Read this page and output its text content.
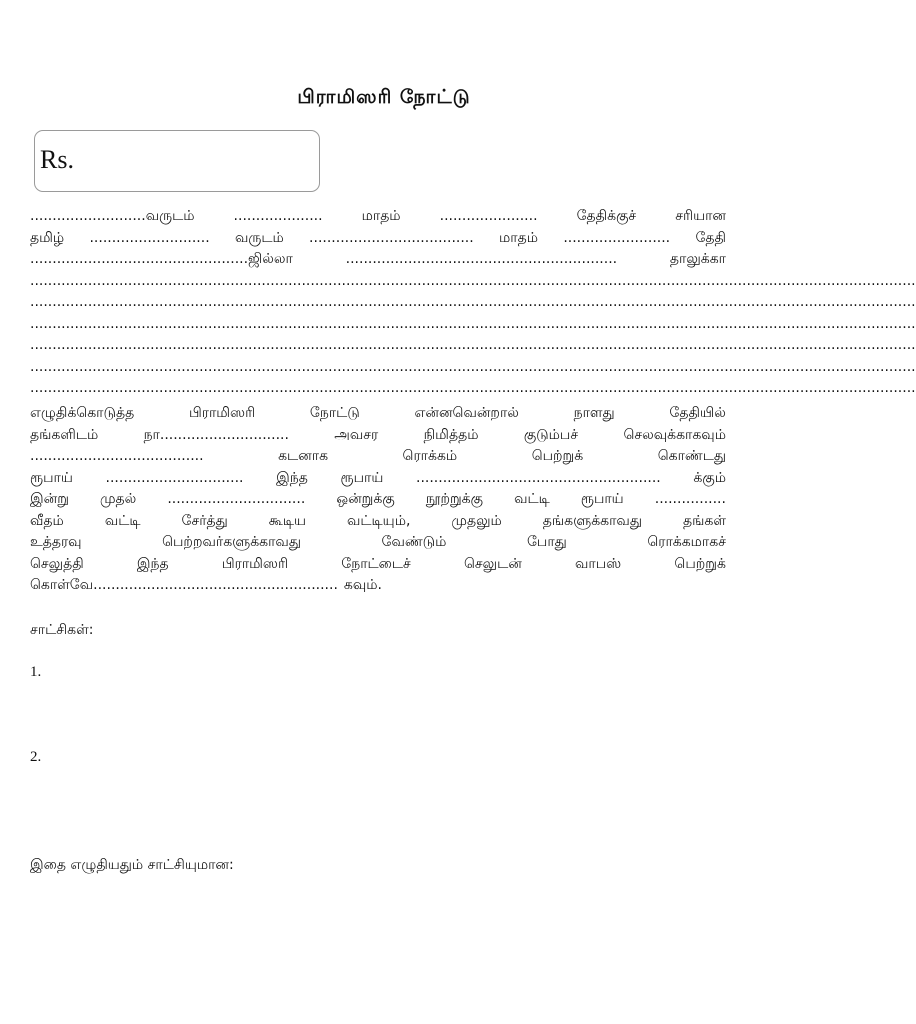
பிராமிஸரி நோட்டு
Rs.
..........................வருடம்	....................	மாதம்	......................	தேதிக்குச்	சரியான
தமிழ் ........................... வருடம் ..................................... மாதம் ........................ தேதி
.................................................ஜில்லா	.............................................................	தாலுக்கா
.......................................................................................................................................................................................................
.......................................................................................................................................................................................................
.......................................................................................................................................................................................................
.......................................................................................................................................................................................................
.......................................................................................................................................................................................................
.......................................................................................................................................................................................................
எழுதிக்கொடுத்த	பிராமிஸரி	நோட்டு	என்னவென்றால்	நாளது	தேதியில்
தங்களிடம்	நா.............................	அவசர	நிமித்தம்	குடும்பச்	செலவுக்காகவும்
.......................................	கடனாக	ரொக்கம்	பெற்றுக்	கொண்டது
ரூபாய் ............................... இந்த ரூபாய் ....................................................... க்கும்
இன்று முதல் ............................... ஒன்றுக்கு நூற்றுக்கு வட்டி ரூபாய் ................
வீதம்	வட்டி	சேர்த்து	கூடிய	வட்டியும்,	முதலும்	தங்களுக்காவது	தங்கள்
உத்தரவு	பெற்றவர்களுக்காவது	வேண்டும்	போது	ரொக்கமாகச்
செலுத்தி	இந்த	பிராமிஸரி	நோட்டைச்	செலுடன்	வாபஸ்	பெற்றுக்
கொள்வே....................................................... கவும்.
சாட்சிகள்:
1.
2.
இதை எழுதியதும் சாட்சியுமான:
